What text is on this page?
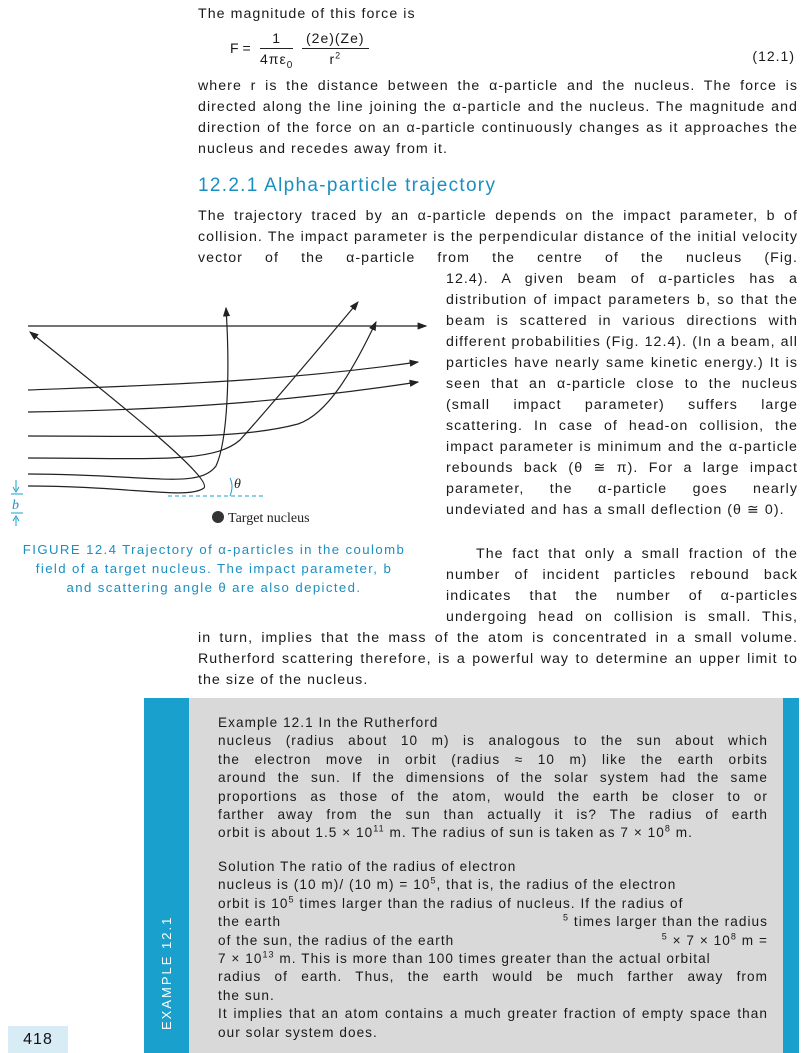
The magnitude of this force is
$F = \frac{1}{4\pi\varepsilon_0} \frac{(2e)(Ze)}{r^2}$	(12.1)
where r is the distance between the α-particle and the nucleus. The force is directed along the line joining the α-particle and the nucleus. The magnitude and direction of the force on an α-particle continuously changes as it approaches the nucleus and recedes away from it.
12.2.1 Alpha-particle trajectory
The trajectory traced by an α-particle depends on the impact parameter, b of collision. The impact parameter is the perpendicular distance of the initial velocity vector of the α-particle from the centre of the nucleus (Fig.
12.4). A given beam of α-particles has a distribution of impact parameters b, so that the beam is scattered in various directions with different probabilities (Fig. 12.4). (In a beam, all particles have nearly same kinetic energy.) It is seen that an α-particle close to the nucleus (small impact parameter) suffers large scattering. In case of head-on collision, the impact parameter is minimum and the α-particle rebounds back (θ ≅ π). For a large impact parameter, the α-particle goes nearly undeviated and has a small deflection (θ ≅ 0).
The fact that only a small fraction of the number of incident particles rebound back indicates that the number of α-particles undergoing head on collision is small. This,
in turn, implies that the mass of the atom is concentrated in a small volume. Rutherford scattering therefore, is a powerful way to determine an upper limit to the size of the nucleus.
θ
Target nucleus
b
FIGURE 12.4 Trajectory of α-particles in the coulomb field of a target nucleus. The impact parameter, b and scattering angle θ are also depicted.
EXAMPLE 12.1
Example 12.1 In the Rutherford
nucleus (radius about 10 m) is analogous to the sun about which
the electron move in orbit (radius ≈ 10 m) like the earth orbits
around the sun. If the dimensions of the solar system had the same
proportions as those of the atom, would the earth be closer to or
farther away from the sun than actually it is? The radius of earth
orbit is about $1.5 \times 10^{11}$ m. The radius of sun is taken as $7 \times 10^8$ m.
Solution The ratio of the radius of electron
nucleus is (10 m)/ (10 $m) = 10^5$, that is, the radius of the electron
orbit is $10^5$ times larger than the radius of nucleus. If the radius of
the earth	$^5$ times larger than the radius
of the sun, the radius of the earth	$^5 \times 7 \times 10^8$ m =
$7 \times 10^{13}$ m. This is more than 100 times greater than the actual orbital
radius of earth. Thus, the earth would be much farther away from
the sun.
It implies that an atom contains a much greater fraction of empty space than our solar system does.
418
